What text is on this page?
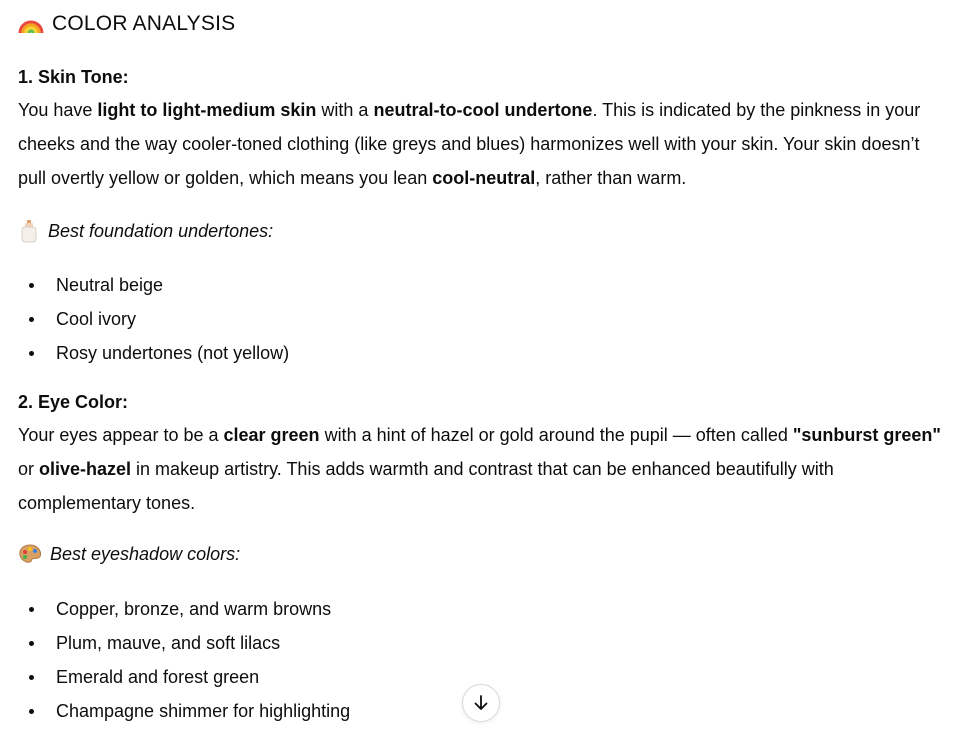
COLOR ANALYSIS
1. Skin Tone:

You have light to light-medium skin with a neutral-to-cool undertone. This is indicated by the pinkness in your cheeks and the way cooler-toned clothing (like greys and blues) harmonizes well with your skin. Your skin doesn’t pull overtly yellow or golden, which means you lean cool-neutral, rather than warm.

Best foundation undertones:
Neutral beige
Cool ivory
Rosy undertones (not yellow)
2. Eye Color:

Your eyes appear to be a clear green with a hint of hazel or gold around the pupil — often called "sunburst green" or olive-hazel in makeup artistry. This adds warmth and contrast that can be enhanced beautifully with complementary tones.

Best eyeshadow colors:
Copper, bronze, and warm browns
Plum, mauve, and soft lilacs
Emerald and forest green
Champagne shimmer for highlighting
